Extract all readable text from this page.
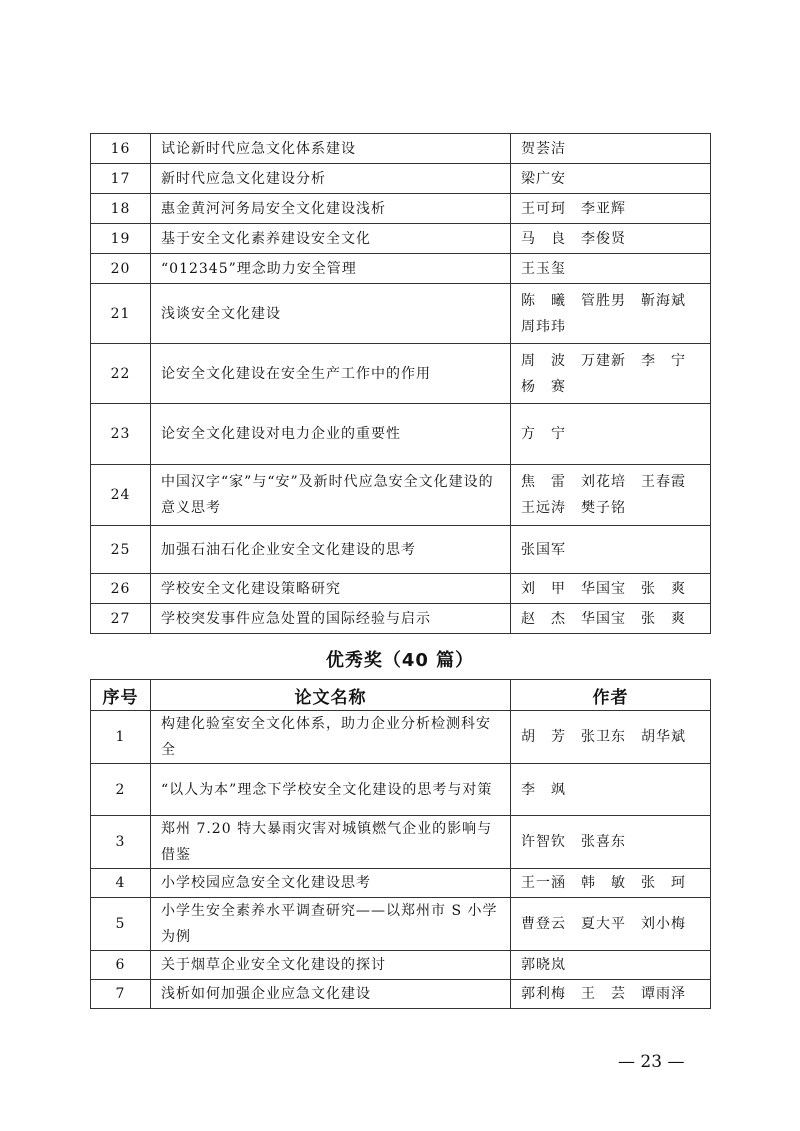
16	试论新时代应急文化体系建设	贺荟洁
17	新时代应急文化建设分析	梁广安
18	惠金黄河河务局安全文化建设浅析	王可珂　李亚辉
19	基于安全文化素养建设安全文化	马　良　李俊贤
20	“012345”理念助力安全管理	王玉玺
21	浅谈安全文化建设	陈　曦　管胜男　靳海斌　周玮玮
22	论安全文化建设在安全生产工作中的作用	周　波　万建新　李　宁　杨　赛
23	论安全文化建设对电力企业的重要性	方　宁
24	中国汉字“家”与“安”及新时代应急安全文化建设的意义思考	焦　雷　刘花培　王春霞　王远涛　樊子铭
25	加强石油石化企业安全文化建设的思考	张国军
26	学校安全文化建设策略研究	刘　甲　华国宝　张　爽
27	学校突发事件应急处置的国际经验与启示	赵　杰　华国宝　张　爽
优秀奖（40 篇）
序号	论文名称	作者
1	构建化验室安全文化体系，助力企业分析检测科安全	胡　芳　张卫东　胡华斌
2	“以人为本”理念下学校安全文化建设的思考与对策	李　飒
3	郑州 7.20 特大暴雨灾害对城镇燃气企业的影响与借鉴	许智钦　张喜东
4	小学校园应急安全文化建设思考	王一涵　韩　敏　张　珂
5	小学生安全素养水平调查研究——以郑州市 S 小学为例	曹登云　夏大平　刘小梅
6	关于烟草企业安全文化建设的探讨	郭晓岚
7	浅析如何加强企业应急文化建设	郭利梅　王　芸　谭雨泽
— 23 —
